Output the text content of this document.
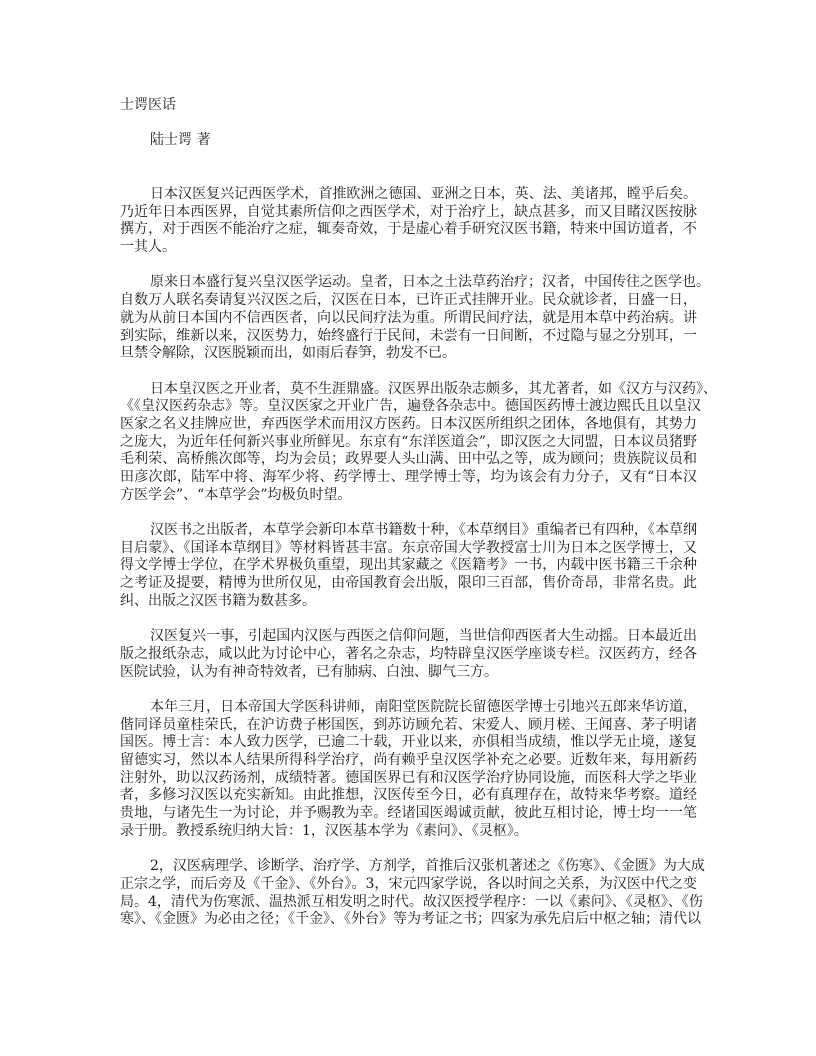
士谔医话
陆士谔 著
日本汉医复兴记西医学术，首推欧洲之德国、亚洲之日本，英、法、美诸邦，瞠乎后矣。
乃近年日本西医界，自觉其素所信仰之西医学术，对于治疗上，缺点甚多，而又目睹汉医按脉
撰方，对于西医不能治疗之症，辄奏奇效，于是虚心着手研究汉医书籍，特来中国访道者，不
一其人。
原来日本盛行复兴皇汉医学运动。皇者，日本之土法草药治疗；汉者，中国传往之医学也。
自数万人联名奏请复兴汉医之后，汉医在日本，已许正式挂牌开业。民众就诊者，日盛一日，
就为从前日本国内不信西医者，向以民间疗法为重。所谓民间疗法，就是用本草中药治病。讲
到实际，维新以来，汉医势力，始终盛行于民间，未尝有一日间断，不过隐与显之分别耳，一
旦禁令解除，汉医脱颖而出，如雨后春笋，勃发不已。
日本皇汉医之开业者，莫不生涯鼎盛。汉医界出版杂志颇多，其尤著者，如《汉方与汉药》、
《《皇汉医药杂志》等。皇汉医家之开业广告，遍登各杂志中。德国医药博士渡边熙氏且以皇汉
医家之名义挂牌应世，弃西医学术而用汉方医药。日本汉医所组织之团体，各地俱有，其势力
之庞大，为近年任何新兴事业所鲜见。东京有“东洋医道会”，即汉医之大同盟，日本议员猪野
毛利荣、高桥熊次郎等，均为会员；政界要人头山满、田中弘之等，成为顾问；贵族院议员和
田彦次郎，陆军中将、海军少将、药学博士、理学博士等，均为该会有力分子，又有“日本汉
方医学会”、“本草学会”均极负时望。
汉医书之出版者，本草学会新印本草书籍数十种，《本草纲目》重编者已有四种，《本草纲
目启蒙》、《国译本草纲目》等材料皆甚丰富。东京帝国大学教授富士川为日本之医学博士，又
得文学博士学位，在学术界极负重望，现出其家藏之《医籍考》一书，内载中医书籍三千余种
之考证及提要，精博为世所仅见，由帝国教育会出版，限印三百部，售价奇昂，非常名贵。此
纠、出版之汉医书籍为数甚多。
汉医复兴一事，引起国内汉医与西医之信仰问题，当世信仰西医者大生动摇。日本最近出
版之报纸杂志，咸以此为讨论中心，著名之杂志，均特辟皇汉医学座谈专栏。汉医药方，经各
医院试验，认为有神奇特效者，已有肺病、白浊、脚气三方。
本年三月，日本帝国大学医科讲师，南阳堂医院院长留德医学博士引地兴五郎来华访道，
偕同译员童桂荣氏，在沪访费子彬国医，到苏访顾允若、宋爱人、顾月槎、王闻喜、茅子明诸
国医。博士言：本人致力医学，已逾二十载，开业以来，亦俱相当成绩，惟以学无止境，遂复
留德实习，然以本人结果所得科学治疗，尚有赖乎皇汉医学补充之必要。近数年来，每用新药
注射外，助以汉药汤剂，成绩特著。德国医界已有和汉医学治疗协同设施，而医科大学之毕业
者，多修习汉医以充实新知。由此推想，汉医传至今日，必有真理存在，故特来华考察。道经
贵地，与诸先生一为讨论，并予赐教为幸。经诸国医竭诚贡献，彼此互相讨论，博士均一一笔
录于册。教授系统归纳大旨：1，汉医基本学为《素问》、《灵枢》。
2，汉医病理学、诊断学、治疗学、方剂学，首推后汉张机著述之《伤寒》、《金匮》为大成
正宗之学，而后旁及《千金》、《外台》。3，宋元四家学说，各以时间之关系，为汉医中代之变
局。4，清代为伤寒派、温热派互相发明之时代。故汉医授学程序：一以《素问》、《灵枢》、《伤
寒》、《金匮》为必由之径；《千金》、《外台》等为考证之书；四家为承先启后中枢之轴；清代以
